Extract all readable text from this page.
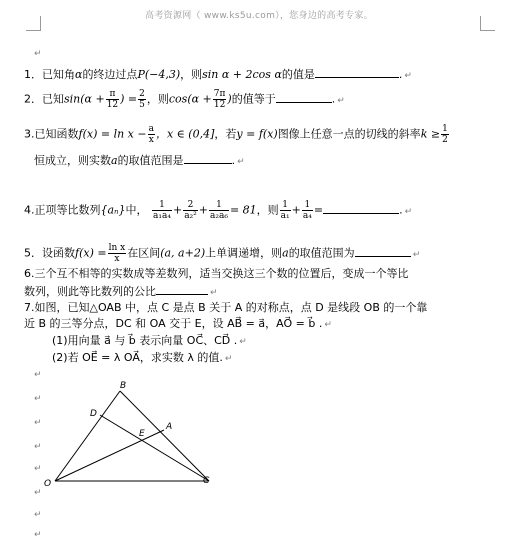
高考资源网（ www.ks5u.com），您身边的高考专家。
↵
1．已知角α的终边过点P(−4,3)，则sin α + 2cos α的值是	. ↵
2．已知$\sin(\alpha + \frac{\pi}{12}$ ) = $\frac{2}{5}$ ，则$\cos(\alpha + \frac{7\pi}{12}$ )的值等于	. ↵
3.已知函数$f(x) = \ln x - \frac{a}{x}$ ，x ∈ (0,4]，若y = f(x)图像上任意一点的切线的斜率$k \ge \frac{1}{2}$
恒成立，则实数a的取值范围是	. ↵
4.正项等比数列{aₙ}中， $\frac{1}{\text{a₁a₄}} + \frac{2}{\text{a₂²}} + \frac{1}{\text{a₂a₆}} = 81$，则 $\frac{1}{\text{a₁}} + \frac{1}{\text{a₄}}$ =	. ↵
5．设函数$f(x) = \frac{\text{ln x}}{x}$ 在区间(a, a+2)上单调递增，则a的取值范围为	↵
6.三个互不相等的实数成等差数列，适当交换这三个数的位置后，变成一个等比
数列，则此等比数列的公比	↵
7.如图，已知△OAB 中，点 C 是点 B 关于 A 的对称点，点 D 是线段 OB 的一个靠
近 B 的三等分点，DC 和 OA 交于 E，设 AB⃗ = a⃗，AO⃗ = b⃗ . ↵
(1)用向量 a⃗ 与 b⃗ 表示向量 OC⃗、CD⃗ . ↵
(2)若 OE⃗ = λ OA⃗，求实数 λ 的值. ↵
↵
↵
↵
↵
↵
↵
↵
↵
B
D
E
A
O	C
